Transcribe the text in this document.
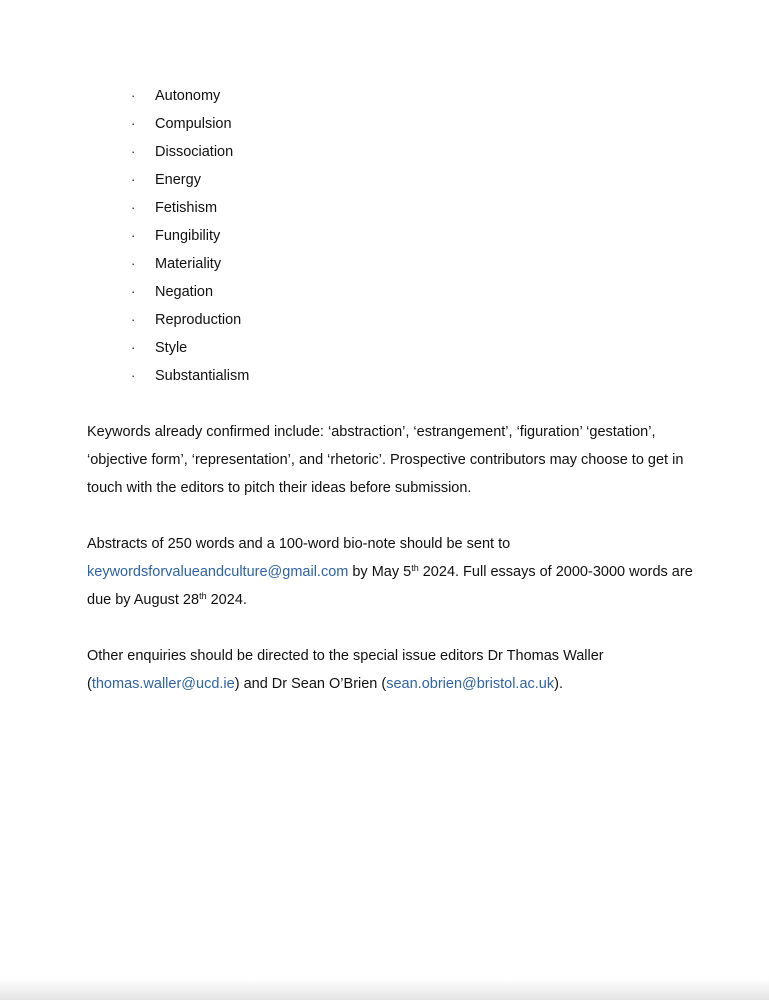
·	Autonomy
·	Compulsion
·	Dissociation
·	Energy
·	Fetishism
·	Fungibility
·	Materiality
·	Negation
·	Reproduction
·	Style
·	Substantialism

Keywords already confirmed include: ‘abstraction’, ‘estrangement’, ‘figuration’ ‘gestation’,
‘objective form’, ‘representation’, and ‘rhetoric’. Prospective contributors may choose to get in
touch with the editors to pitch their ideas before submission.

Abstracts of 250 words and a 100-word bio-note should be sent to
keywordsforvalueandculture@gmail.com by May 5th 2024. Full essays of 2000-3000 words are
due by August 28th 2024.

Other enquiries should be directed to the special issue editors Dr Thomas Waller
(thomas.waller@ucd.ie) and Dr Sean O’Brien (sean.obrien@bristol.ac.uk).
